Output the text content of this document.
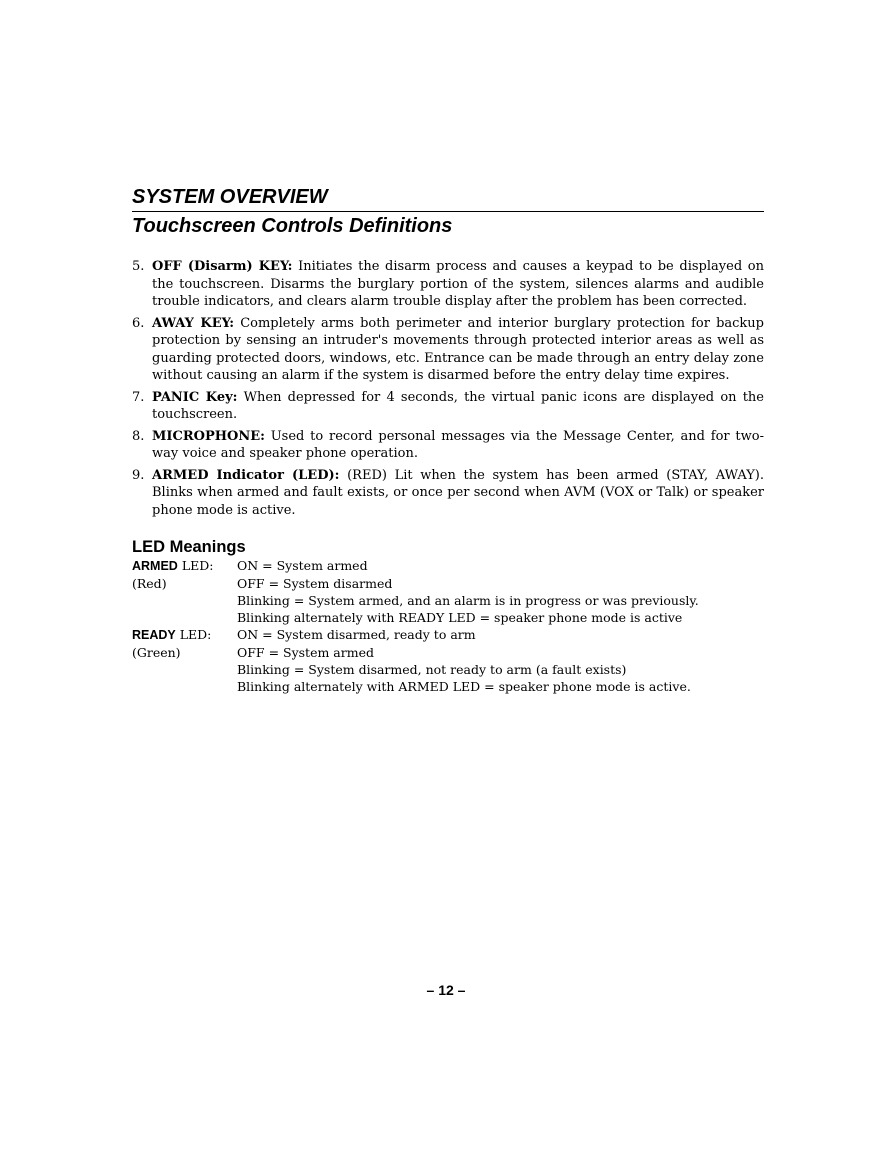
SYSTEM OVERVIEW
Touchscreen Controls Definitions
5. OFF (Disarm) KEY: Initiates the disarm process and causes a keypad to be displayed on the touchscreen. Disarms the burglary portion of the system, silences alarms and audible trouble indicators, and clears alarm trouble display after the problem has been corrected.
6. AWAY KEY: Completely arms both perimeter and interior burglary protection for backup protection by sensing an intruder's movements through protected interior areas as well as guarding protected doors, windows, etc. Entrance can be made through an entry delay zone without causing an alarm if the system is disarmed before the entry delay time expires.
7. PANIC Key: When depressed for 4 seconds, the virtual panic icons are displayed on the touchscreen.
8. MICROPHONE: Used to record personal messages via the Message Center, and for two-way voice and speaker phone operation.
9. ARMED Indicator (LED): (RED) Lit when the system has been armed (STAY, AWAY). Blinks when armed and fault exists, or once per second when AVM (VOX or Talk) or speaker phone mode is active.
LED Meanings
ARMED LED:	ON = System armed
(Red)	OFF = System disarmed
Blinking = System armed, and an alarm is in progress or was previously.
Blinking alternately with READY LED = speaker phone mode is active
READY LED:	ON = System disarmed, ready to arm
(Green)	OFF = System armed
Blinking = System disarmed, not ready to arm (a fault exists)
Blinking alternately with ARMED LED = speaker phone mode is active.
– 12 –
